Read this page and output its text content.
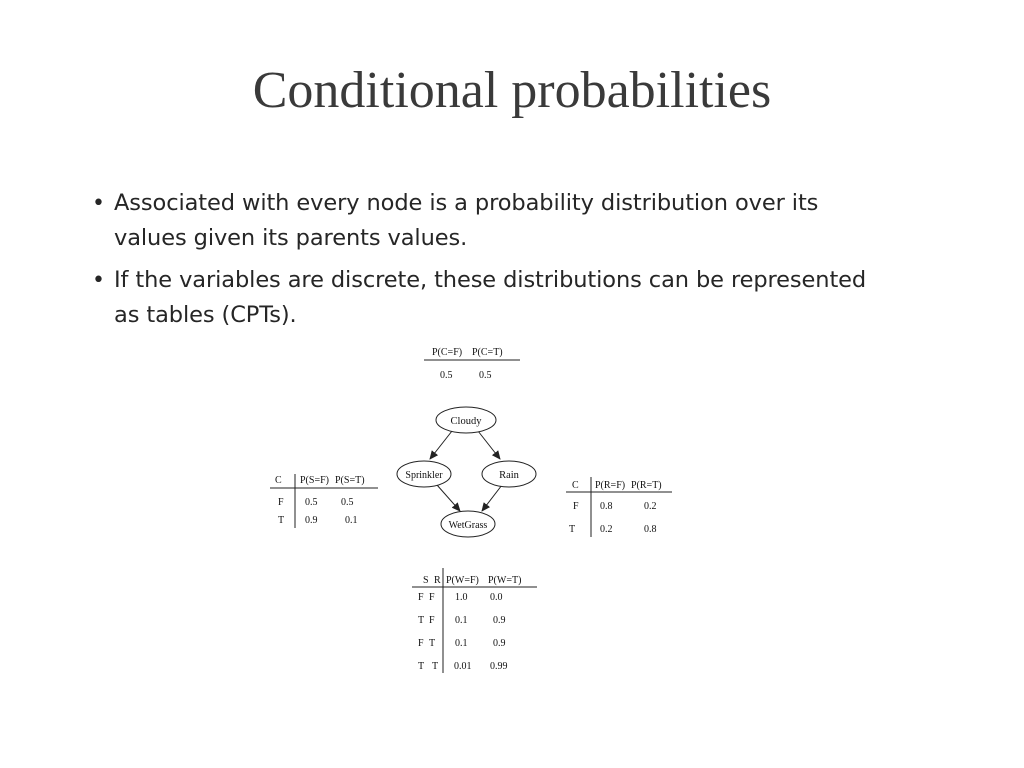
Conditional probabilities
• Associated with every node is a probability distribution over its values given its parents values.
• If the variables are discrete, these distributions can be represented as tables (CPTs).
P(C=F) P(C=T)
0.5	0.5
Cloudy
Sprinkler	Rain
WetGrass
C P(S=F) P(S=T)
F 0.5 0.5
T 0.9	0.1
C P(R=F) P(R=T)
F 0.8	0.2
T 0.2	0.8
S R P(W=F) P(W=T)
F F 1.0 0.0
T F 0.1	0.9
F T 0.1	0.9
T T 0.01 0.99
